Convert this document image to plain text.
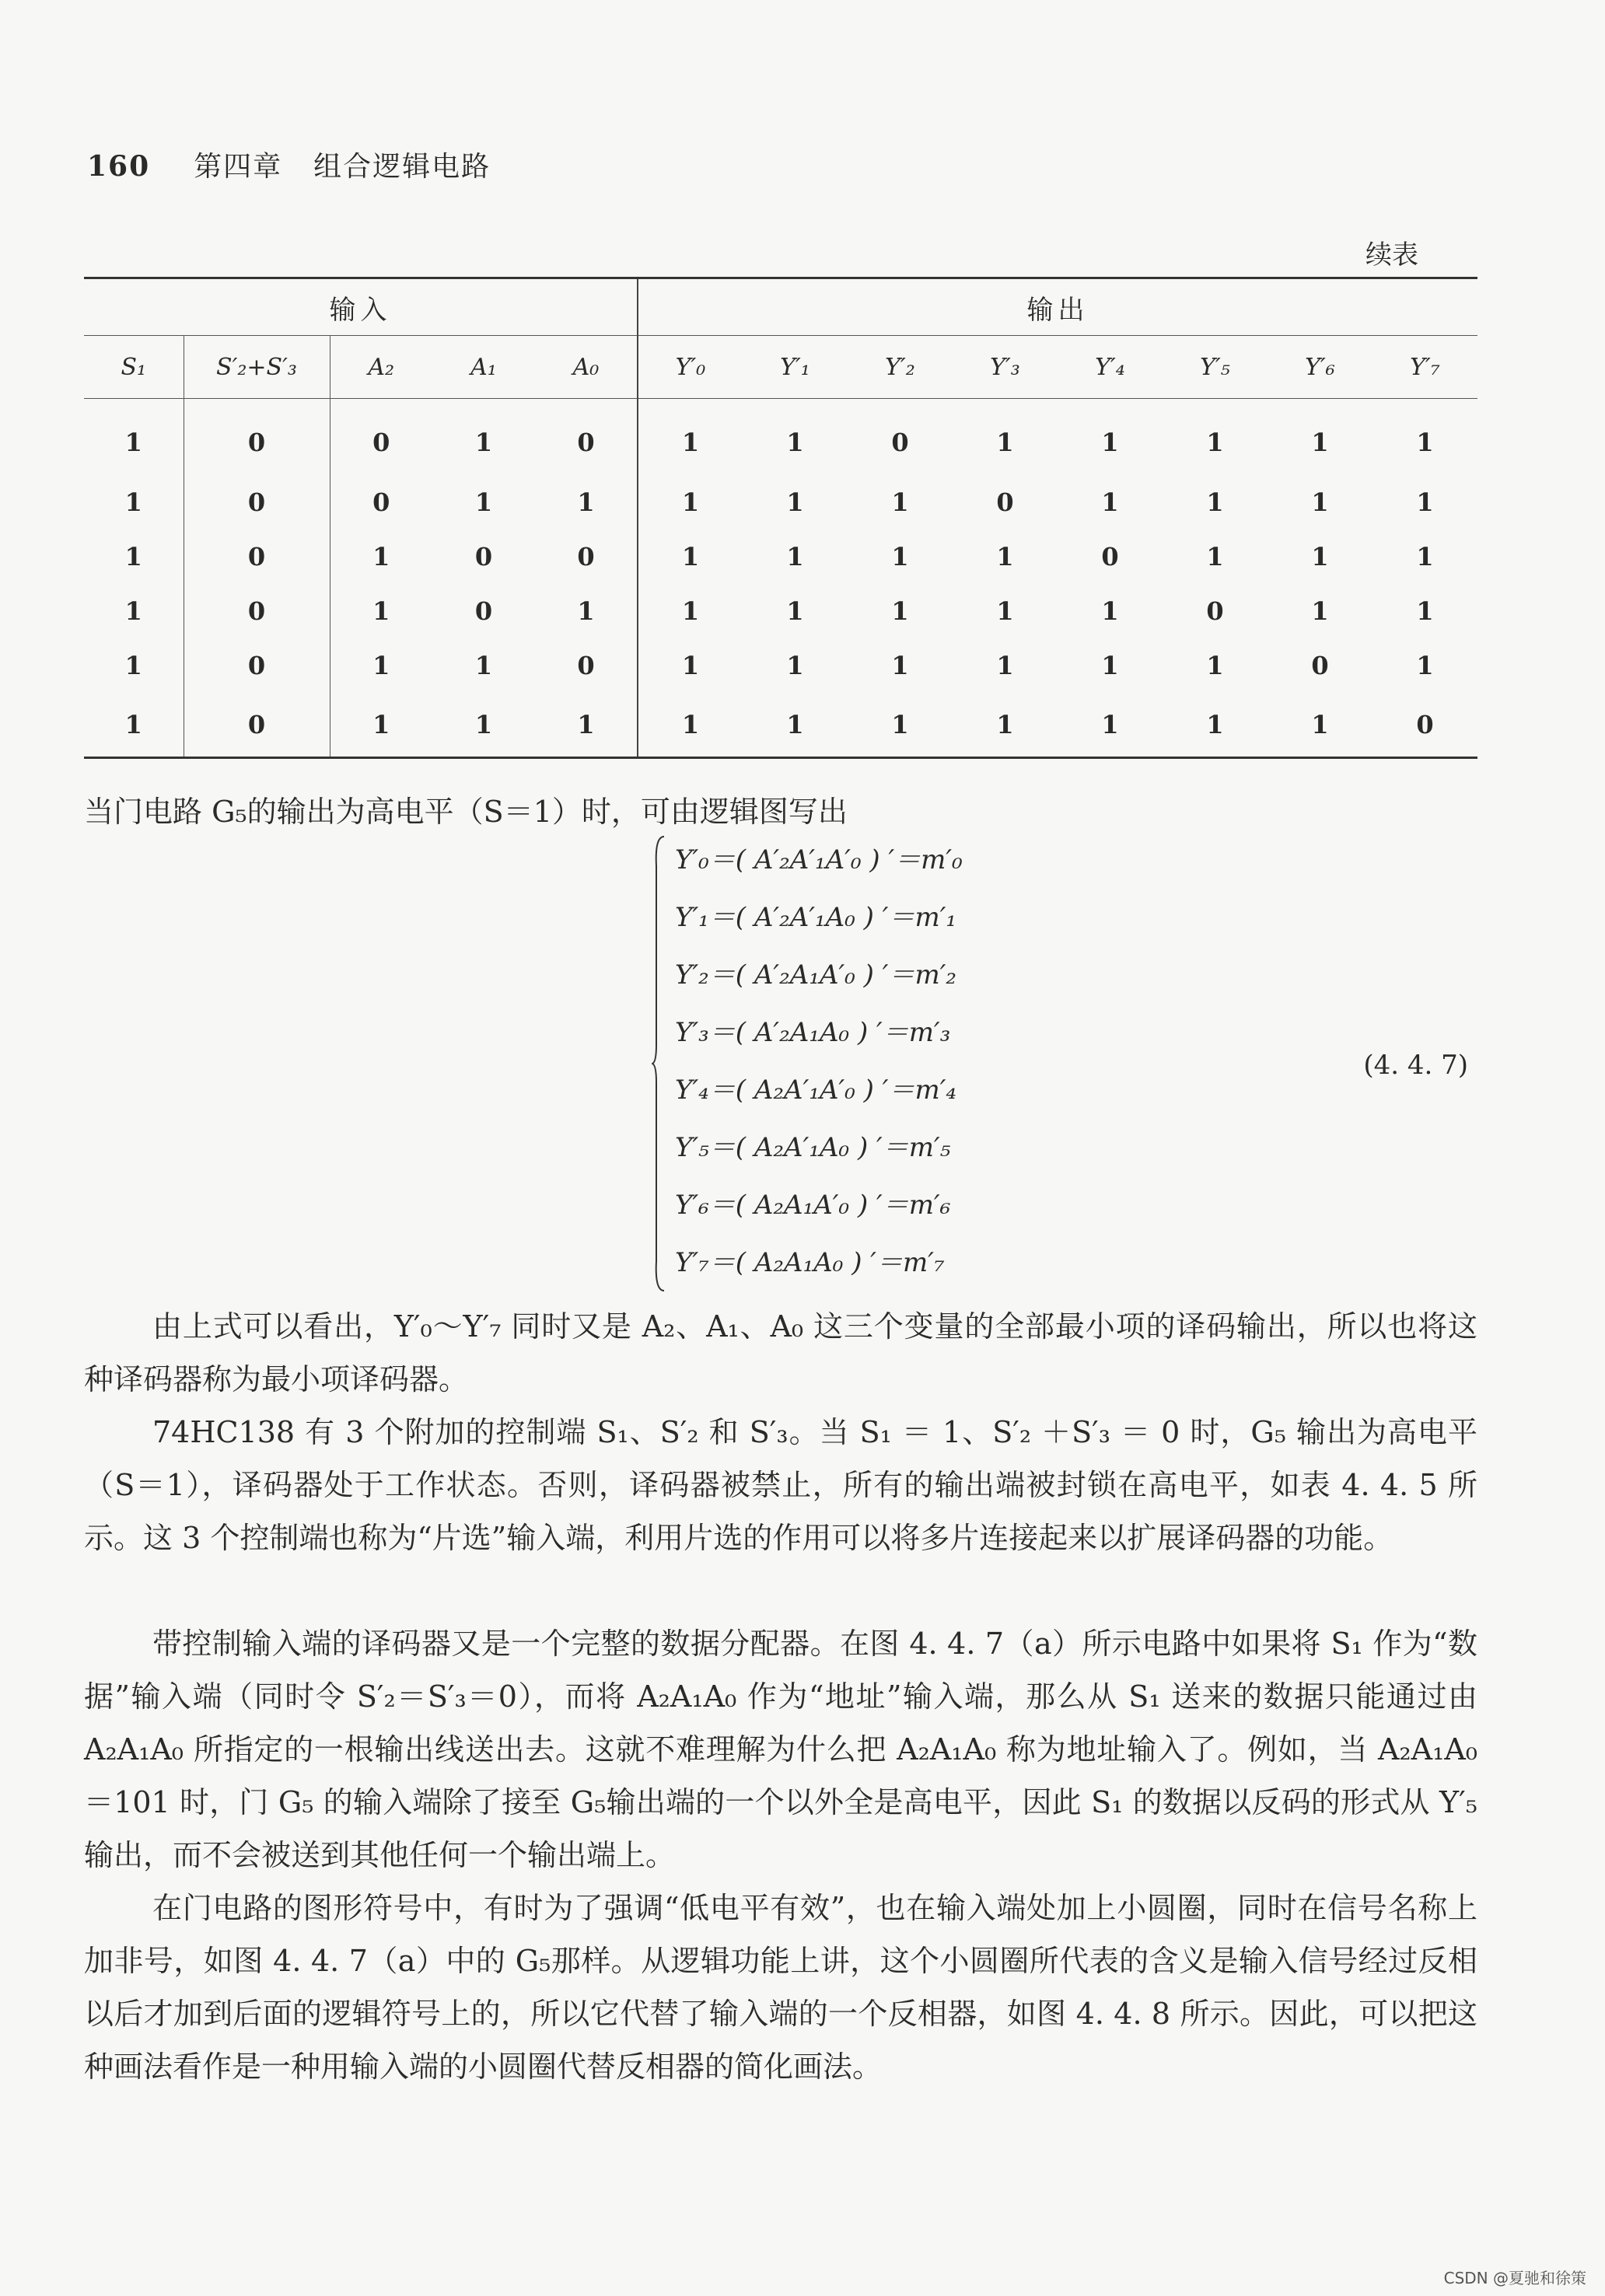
160 第四章 组合逻辑电路
续表
输入					输出							
S₁	S′₂+S′₃	A₂	A₁	A₀	Y′₀	Y′₁	Y′₂	Y′₃	Y′₄	Y′₅	Y′₆	Y′₇
1	0	0	1	0	1	1	0	1	1	1	1	1
1	0	0	1	1	1	1	1	0	1	1	1	1
1	0	1	0	0	1	1	1	1	0	1	1	1
1	0	1	0	1	1	1	1	1	1	0	1	1
1	0	1	1	0	1	1	1	1	1	1	0	1
1	0	1	1	1	1	1	1	1	1	1	1	0
当门电路 G₅的输出为高电平（S＝1）时，可由逻辑图写出
Y′₀＝( A′₂A′₁A′₀ ) ′＝m′₀
Y′₁＝( A′₂A′₁A₀ ) ′＝m′₁
Y′₂＝( A′₂A₁A′₀ ) ′＝m′₂
Y′₃＝( A′₂A₁A₀ ) ′＝m′₃
Y′₄＝( A₂A′₁A′₀ ) ′＝m′₄
Y′₅＝( A₂A′₁A₀ ) ′＝m′₅
Y′₆＝( A₂A₁A′₀ ) ′＝m′₆
Y′₇＝( A₂A₁A₀ ) ′＝m′₇
(4. 4. 7)
由上式可以看出，Y′₀～Y′₇ 同时又是 A₂、A₁、A₀ 这三个变量的全部最小项的译码输出，所以也将这种译码器称为最小项译码器。
74HC138 有 3 个附加的控制端 S₁、S′₂ 和 S′₃。当 S₁ ＝ 1、S′₂ ＋S′₃ ＝ 0 时，G₅ 输出为高电平（S＝1），译码器处于工作状态。否则，译码器被禁止，所有的输出端被封锁在高电平，如表 4. 4. 5 所示。这 3 个控制端也称为“片选”输入端，利用片选的作用可以将多片连接起来以扩展译码器的功能。
带控制输入端的译码器又是一个完整的数据分配器。在图 4. 4. 7（a）所示电路中如果将 S₁ 作为“数据”输入端（同时令 S′₂＝S′₃＝0），而将 A₂A₁A₀ 作为“地址”输入端，那么从 S₁ 送来的数据只能通过由 A₂A₁A₀ 所指定的一根输出线送出去。这就不难理解为什么把 A₂A₁A₀ 称为地址输入了。例如，当 A₂A₁A₀＝101 时，门 G₅ 的输入端除了接至 G₅输出端的一个以外全是高电平，因此 S₁ 的数据以反码的形式从 Y′₅ 输出，而不会被送到其他任何一个输出端上。
在门电路的图形符号中，有时为了强调“低电平有效”，也在输入端处加上小圆圈，同时在信号名称上加非号，如图 4. 4. 7（a）中的 G₅那样。从逻辑功能上讲，这个小圆圈所代表的含义是输入信号经过反相以后才加到后面的逻辑符号上的，所以它代替了输入端的一个反相器，如图 4. 4. 8 所示。因此，可以把这种画法看作是一种用输入端的小圆圈代替反相器的简化画法。
CSDN @夏驰和徐策
